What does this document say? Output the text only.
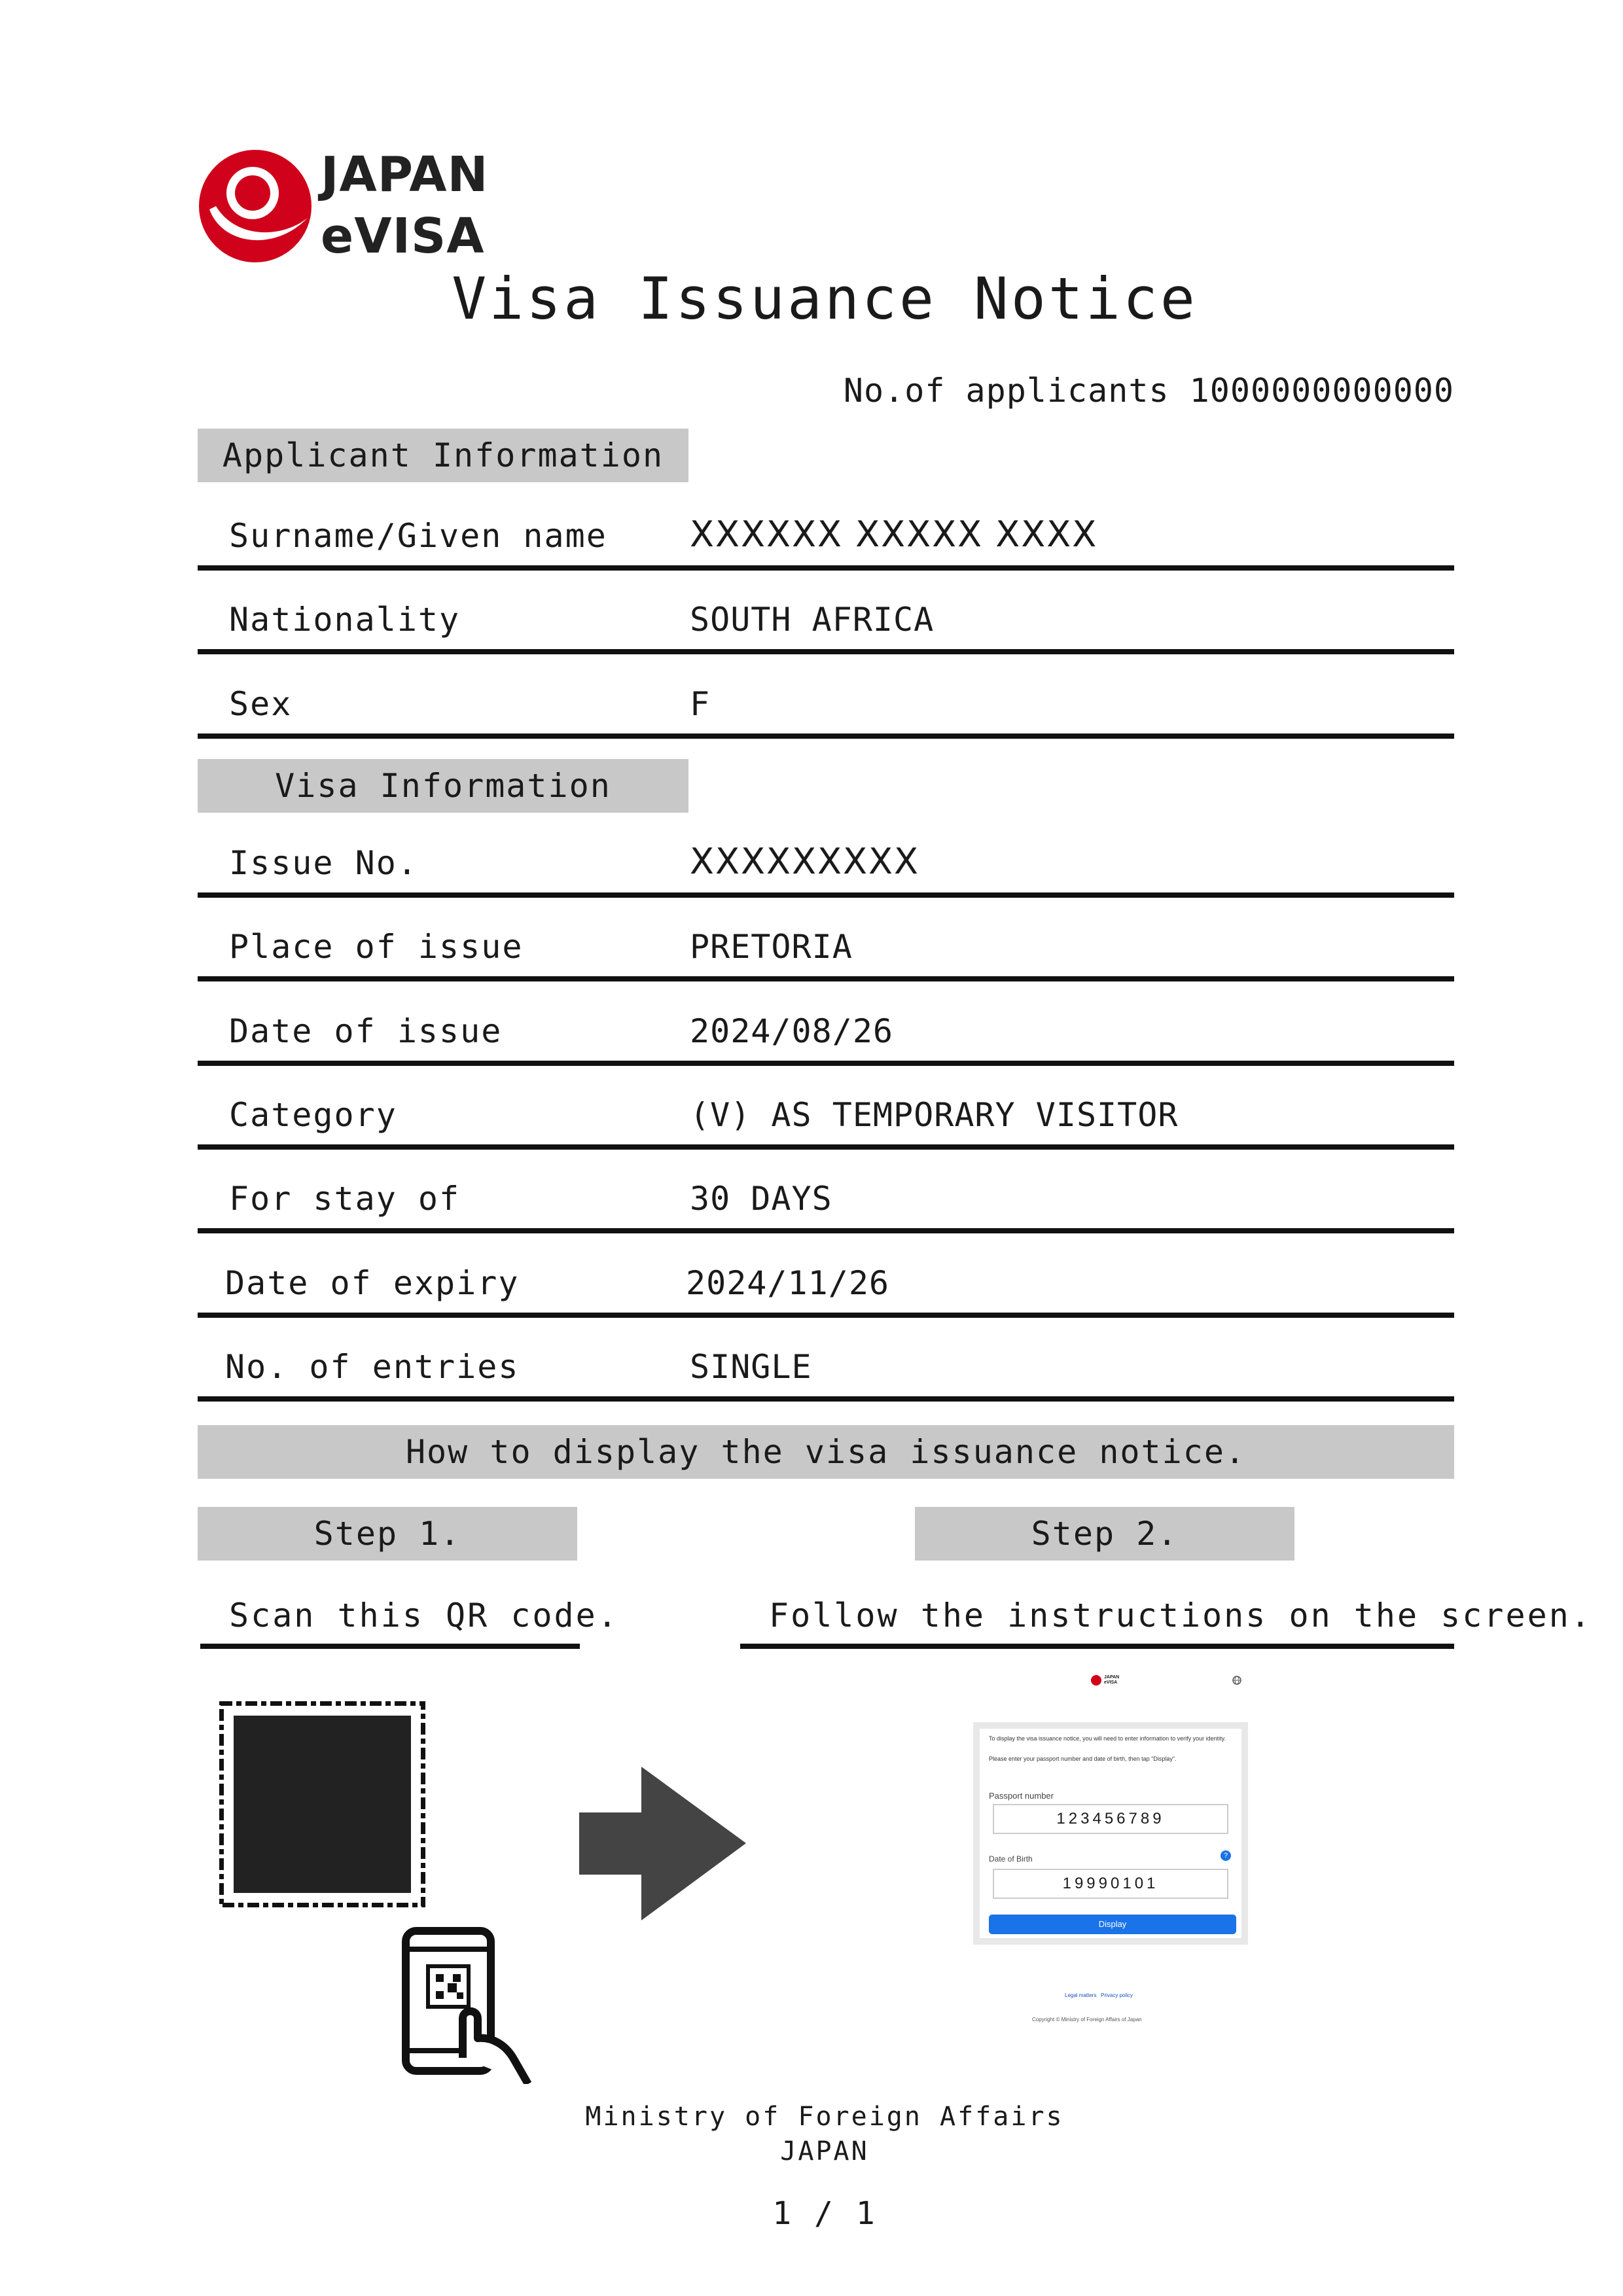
JAPAN
eVISA
Visa Issuance Notice
No.of applicants 1000000000000
Applicant Information
Surname/Given name XXXXXX XXXXX XXXX
Nationality	SOUTH AFRICA
Sex	F
Visa Information
Issue No.	XXXXXXXXX
Place of issue	PRETORIA
Date of issue	2024/08/26
Category	(V) AS TEMPORARY VISITOR
For stay of	30 DAYS
Date of expiry	2024/11/26
No. of entries	SINGLE
How to display the visa issuance notice.
Step 1.	Step 2.
Scan this QR code.	Follow the instructions on the screen.
JAPAN
eVISA
To display the visa issuance notice, you will need to enter information to verify your identity.
Please enter your passport number and date of birth, then tap "Display".
Passport number
123456789
Date of Birth	?
19990101
Display
Legal matters Privacy policy
Copyright © Ministry of Foreign Affairs of Japan
Ministry of Foreign Affairs
JAPAN
1 / 1
